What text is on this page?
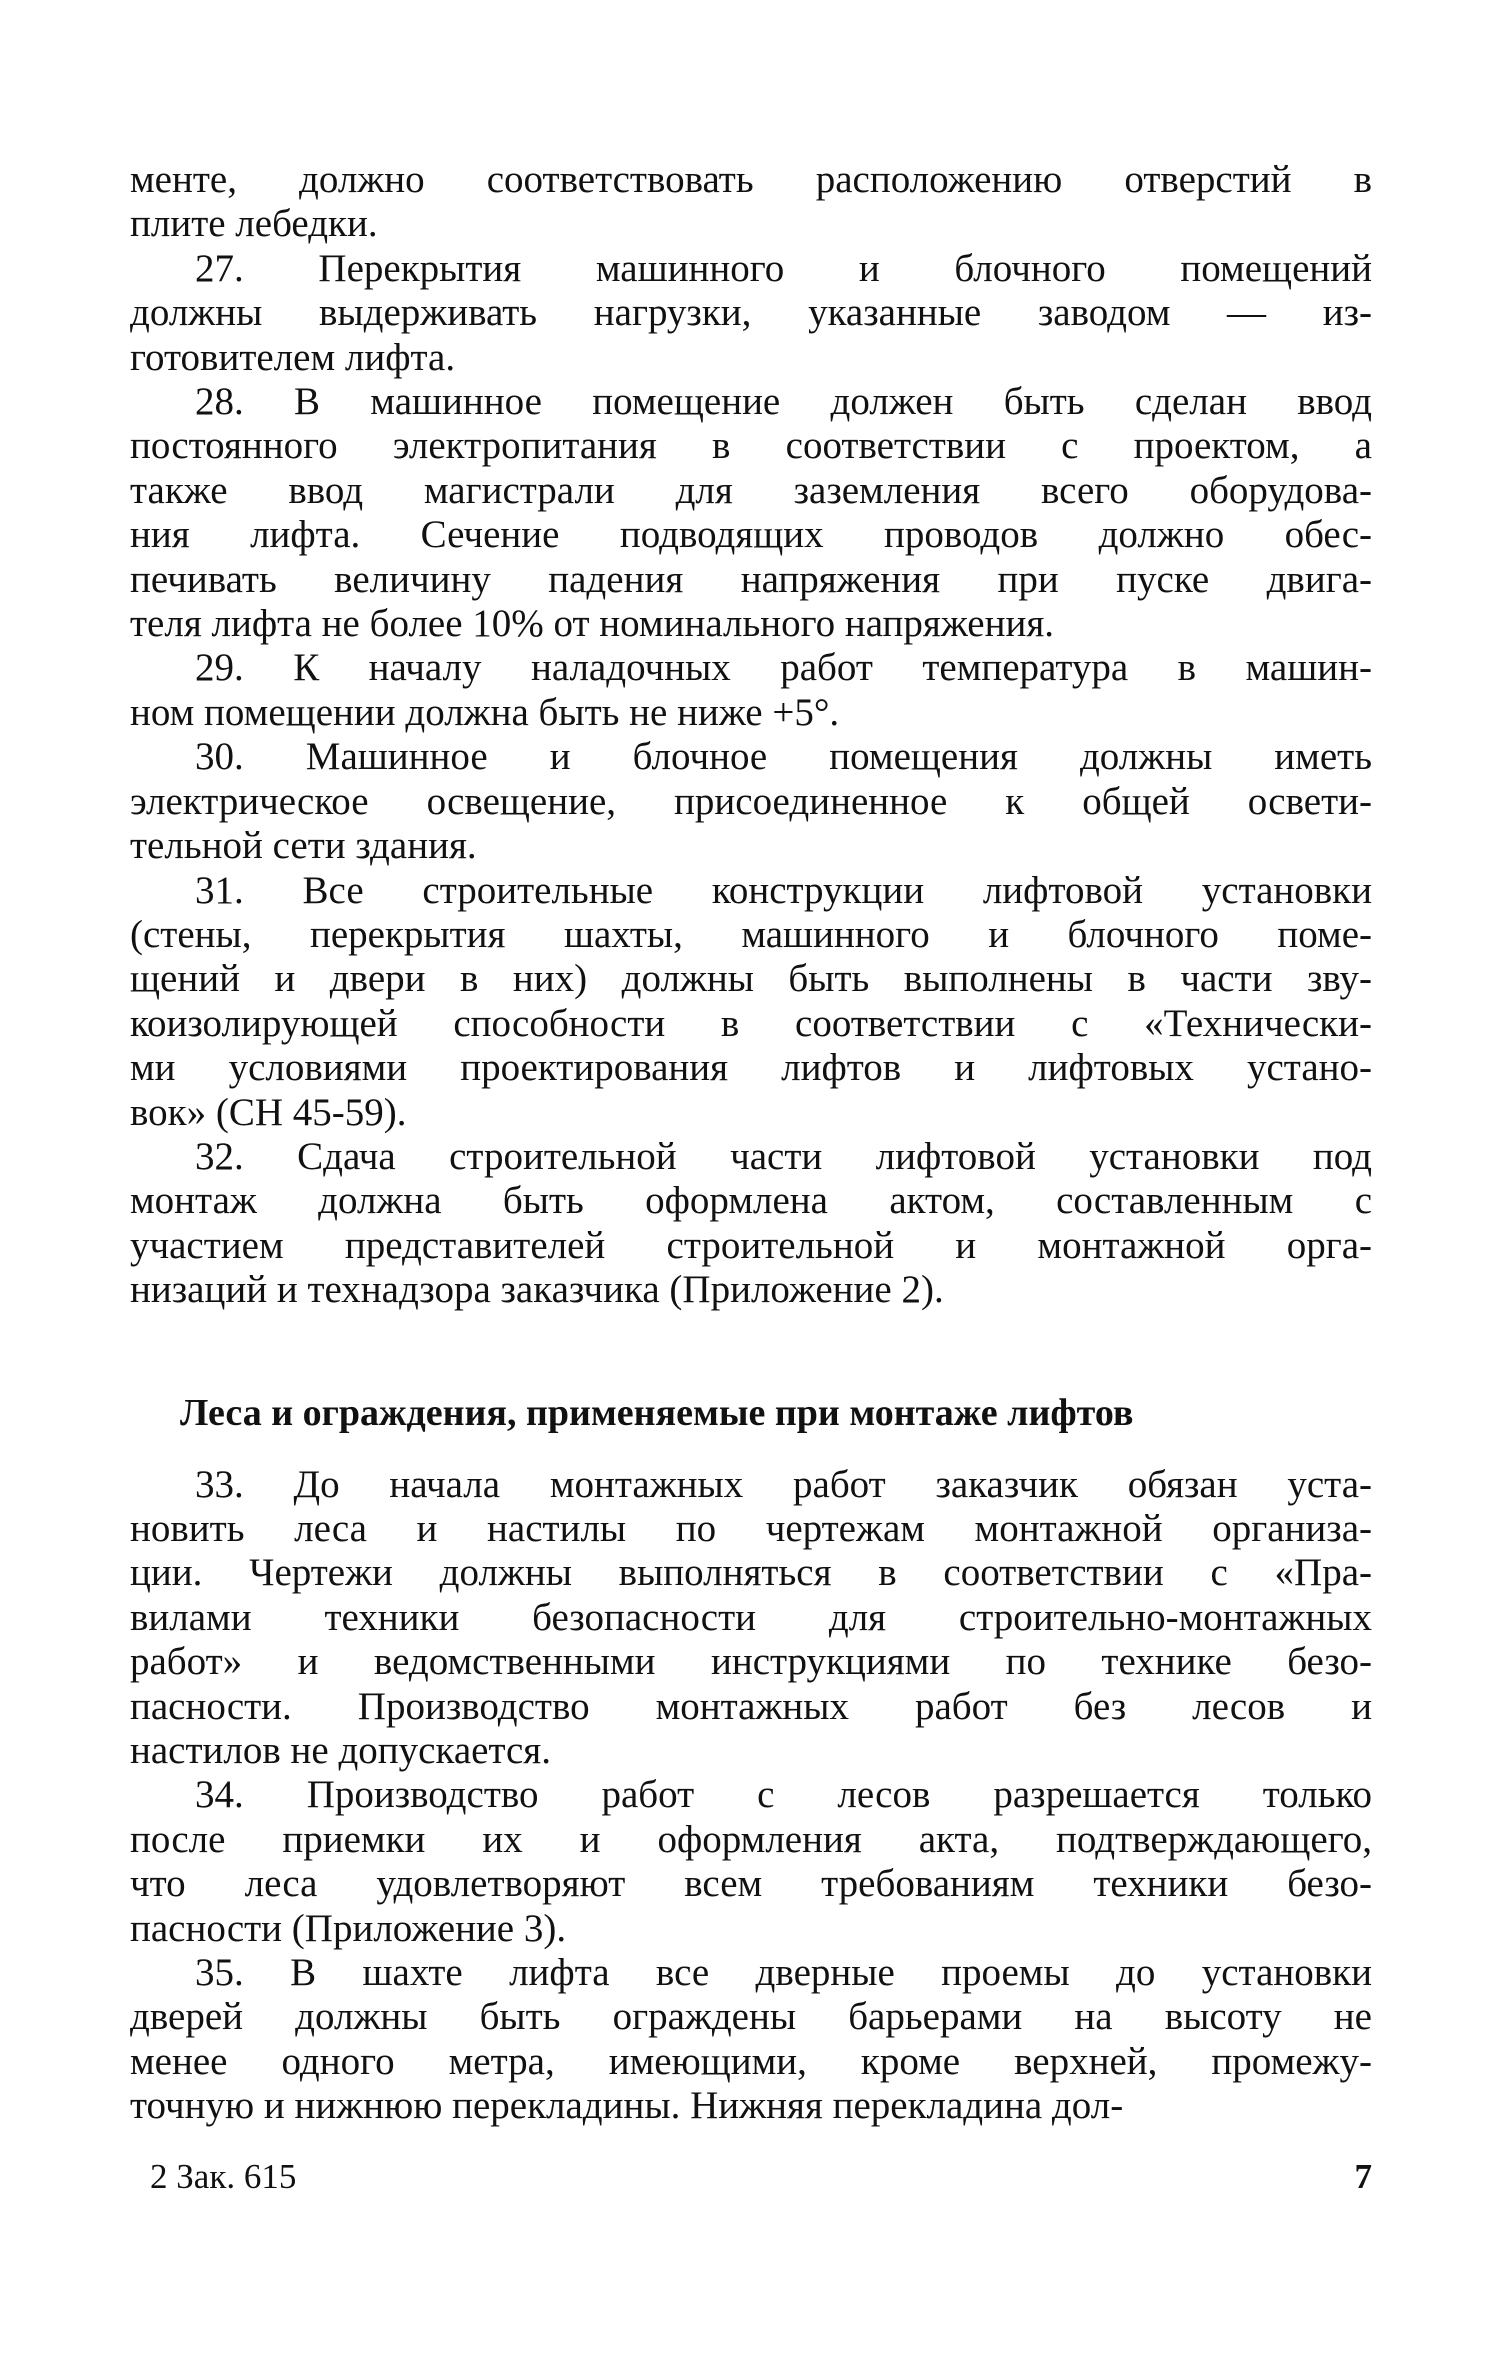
менте, должно соответствовать расположению отверстий в
плите лебедки.
27. Перекрытия машинного и блочного помещений
должны выдерживать нагрузки, указанные заводом — из-
готовителем лифта.
28. В машинное помещение должен быть сделан ввод
постоянного электропитания в соответствии с проектом, а
также ввод магистрали для заземления всего оборудова-
ния лифта. Сечение подводящих проводов должно обес-
печивать величину падения напряжения при пуске двига-
теля лифта не более 10% от номинального напряжения.
29. К началу наладочных работ температура в машин-
ном помещении должна быть не ниже +5°.
30. Машинное и блочное помещения должны иметь
электрическое освещение, присоединенное к общей освети-
тельной сети здания.
31. Все строительные конструкции лифтовой установки
(стены, перекрытия шахты, машинного и блочного поме-
щений и двери в них) должны быть выполнены в части зву-
коизолирующей способности в соответствии с «Технически-
ми условиями проектирования лифтов и лифтовых устано-
вок» (СН 45-59).
32. Сдача строительной части лифтовой установки под
монтаж должна быть оформлена актом, составленным с
участием представителей строительной и монтажной орга-
низаций и технадзора заказчика (Приложение 2).
Леса и ограждения, применяемые при монтаже лифтов
33. До начала монтажных работ заказчик обязан уста-
новить леса и настилы по чертежам монтажной организа-
ции. Чертежи должны выполняться в соответствии с «Пра-
вилами техники безопасности для строительно-монтажных
работ» и ведомственными инструкциями по технике безо-
пасности. Производство монтажных работ без лесов и
настилов не допускается.
34. Производство работ с лесов разрешается только
после приемки их и оформления акта, подтверждающего,
что леса удовлетворяют всем требованиям техники безо-
пасности (Приложение 3).
35. В шахте лифта все дверные проемы до установки
дверей должны быть ограждены барьерами на высоту не
менее одного метра, имеющими, кроме верхней, промежу-
точную и нижнюю перекладины. Нижняя перекладина дол-
2 Зак. 615	7
